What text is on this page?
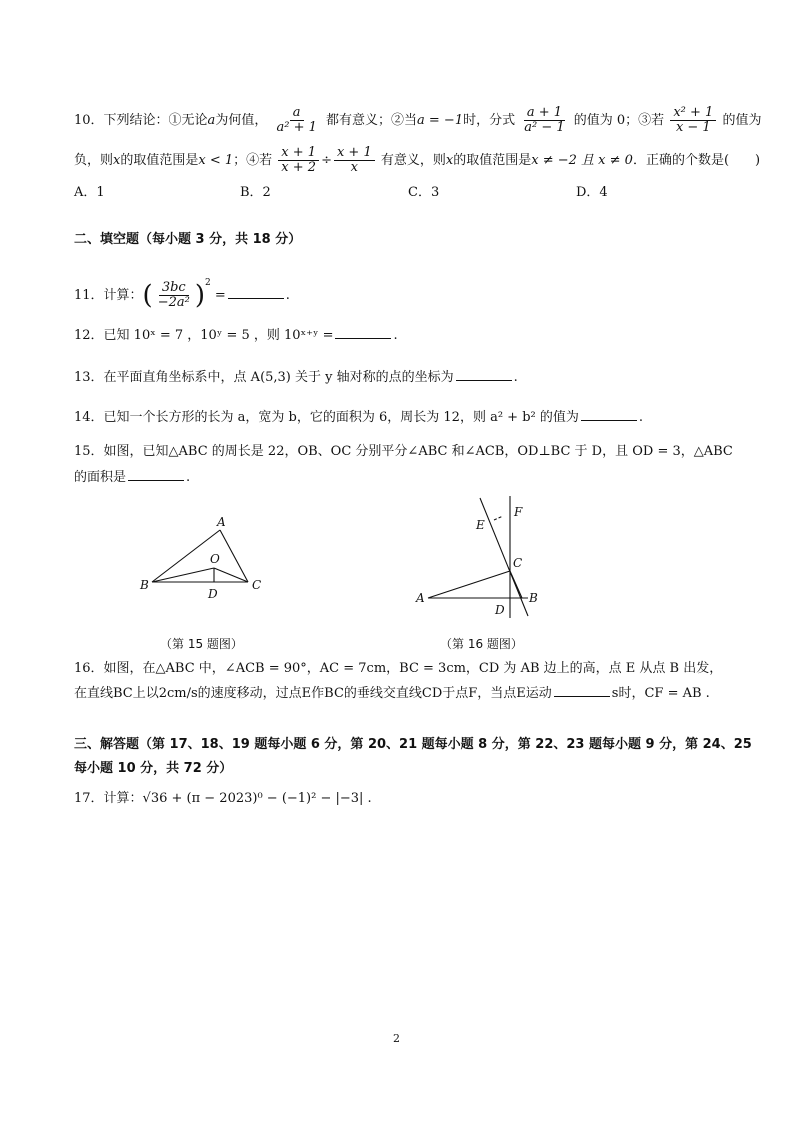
10．下列结论：①无论a为何值， $\frac{a}{\text{a² + 1}}$ 都有意义；②当a = −1时，分式 $\frac{a + 1}{\text{a² − 1}}$ 的值为 0；③若 $\frac{\text{x² + 1}}{x - 1}$ 的值为
负，则x的取值范围是x < 1；④若 $\frac{x + 1}{x + 2} \div \frac{x + 1}{x}$ 有意义，则x的取值范围是x ≠ −2 且 x ≠ 0．正确的个数是(　　)
A．1	B．2	C．3	D．4
二、填空题（每小题 3 分，共 18 分）
11．计算：( $\frac{3bc}{\text{−2a²}} )^2$ =	.
12．已知 10ˣ = 7 ，10ʸ = 5 ，则 10ˣ⁺ʸ =	.
13．在平面直角坐标系中，点 A(5,3) 关于 y 轴对称的点的坐标为	.
14．已知一个长方形的长为 a，宽为 b，它的面积为 6，周长为 12，则 a² + b² 的值为	.
15．如图，已知△ABC 的周长是 22，OB、OC 分别平分∠ABC 和∠ACB，OD⊥BC 于 D，且 OD = 3，△ABC
的面积是	.
A
O
B	C
D
（第 15 题图）
E
F
C
A
D
B
（第 16 题图）
16．如图，在△ABC 中，∠ACB = 90°，AC = 7cm，BC = 3cm，CD 为 AB 边上的高，点 E 从点 B 出发，
在直线BC上以2cm/s的速度移动，过点E作BC的垂线交直线CD于点F，当点E运动	s时，CF = AB .
三、解答题（第 17、18、19 题每小题 6 分，第 20、21 题每小题 8 分，第 22、23 题每小题 9 分，第 24、25
每小题 10 分，共 72 分）
17．计算：√36 + (π − 2023)⁰ − (−1)² − |−3| .
2
